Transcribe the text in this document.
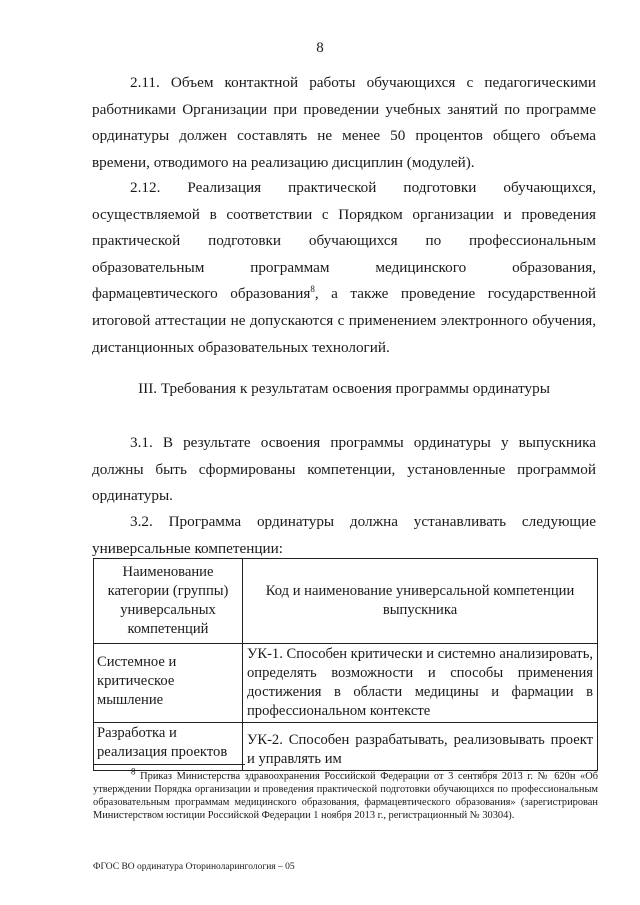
8

2.11. Объем контактной работы обучающихся с педагогическими работниками Организации при проведении учебных занятий по программе ординатуры должен составлять не менее 50 процентов общего объема времени, отводимого на реализацию дисциплин (модулей).

2.12. Реализация практической подготовки обучающихся, осуществляемой в соответствии с Порядком организации и проведения практической подготовки обучающихся по профессиональным образовательным программам медицинского образования, фармацевтического образования$^8$, а также проведение государственной итоговой аттестации не допускаются с применением электронного обучения, дистанционных образовательных технологий.

III. Требования к результатам освоения программы ординатуры

3.1. В результате освоения программы ординатуры у выпускника должны быть сформированы компетенции, установленные программой ординатуры.

3.2. Программа ординатуры должна устанавливать следующие универсальные компетенции:

Наименование категории (группы) универсальных компетенций	Код и наименование универсальной компетенции выпускника
Системное и критическое мышление	УК-1. Способен критически и системно анализировать, определять возможности и способы применения достижения в области медицины и фармации в профессиональном контексте
Разработка и реализация проектов	УК-2. Способен разрабатывать, реализовывать проект и управлять им
$^8$ Приказ Министерства здравоохранения Российской Федерации от 3 сентября 2013 г. № 620н «Об утверждении Порядка организации и проведения практической подготовки обучающихся по профессиональным образовательным программам медицинского образования, фармацевтического образования» (зарегистрирован Министерством юстиции Российской Федерации 1 ноября 2013 г., регистрационный № 30304).
ФГОС ВО ординатура Оториноларингология – 05
